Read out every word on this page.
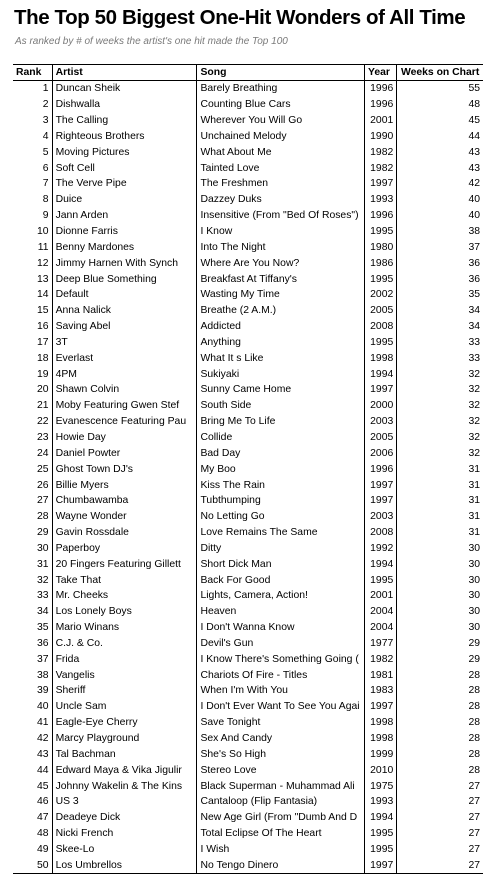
The Top 50 Biggest One-Hit Wonders of All Time

As ranked by # of weeks the artist's one hit made the Top 100

Rank	Artist	Song	Year	Weeks on Chart
1	Duncan Sheik	Barely Breathing	1996	55
2	Dishwalla	Counting Blue Cars	1996	48
3	The Calling	Wherever You Will Go	2001	45
4	Righteous Brothers	Unchained Melody	1990	44
5	Moving Pictures	What About Me	1982	43
6	Soft Cell	Tainted Love	1982	43
7	The Verve Pipe	The Freshmen	1997	42
8	Duice	Dazzey Duks	1993	40
9	Jann Arden	Insensitive (From "Bed Of Roses")	1996	40
10	Dionne Farris	I Know	1995	38
11	Benny Mardones	Into The Night	1980	37
12	Jimmy Harnen With Synch	Where Are You Now?	1986	36
13	Deep Blue Something	Breakfast At Tiffany's	1995	36
14	Default	Wasting My Time	2002	35
15	Anna Nalick	Breathe (2 A.M.)	2005	34
16	Saving Abel	Addicted	2008	34
17	3T	Anything	1995	33
18	Everlast	What It s Like	1998	33
19	4PM	Sukiyaki	1994	32
20	Shawn Colvin	Sunny Came Home	1997	32
21	Moby Featuring Gwen Stef	South Side	2000	32
22	Evanescence Featuring Pau	Bring Me To Life	2003	32
23	Howie Day	Collide	2005	32
24	Daniel Powter	Bad Day	2006	32
25	Ghost Town DJ's	My Boo	1996	31
26	Billie Myers	Kiss The Rain	1997	31
27	Chumbawamba	Tubthumping	1997	31
28	Wayne Wonder	No Letting Go	2003	31
29	Gavin Rossdale	Love Remains The Same	2008	31
30	Paperboy	Ditty	1992	30
31	20 Fingers Featuring Gillett	Short Dick Man	1994	30
32	Take That	Back For Good	1995	30
33	Mr. Cheeks	Lights, Camera, Action!	2001	30
34	Los Lonely Boys	Heaven	2004	30
35	Mario Winans	I Don't Wanna Know	2004	30
36	C.J. & Co.	Devil's Gun	1977	29
37	Frida	I Know There's Something Going (	1982	29
38	Vangelis	Chariots Of Fire - Titles	1981	28
39	Sheriff	When I'm With You	1983	28
40	Uncle Sam	I Don't Ever Want To See You Agai	1997	28
41	Eagle-Eye Cherry	Save Tonight	1998	28
42	Marcy Playground	Sex And Candy	1998	28
43	Tal Bachman	She's So High	1999	28
44	Edward Maya & Vika Jigulir	Stereo Love	2010	28
45	Johnny Wakelin & The Kins	Black Superman - Muhammad Ali	1975	27
46	US 3	Cantaloop (Flip Fantasia)	1993	27
47	Deadeye Dick	New Age Girl (From "Dumb And D	1994	27
48	Nicki French	Total Eclipse Of The Heart	1995	27
49	Skee-Lo	I Wish	1995	27
50	Los Umbrellos	No Tengo Dinero	1997	27
